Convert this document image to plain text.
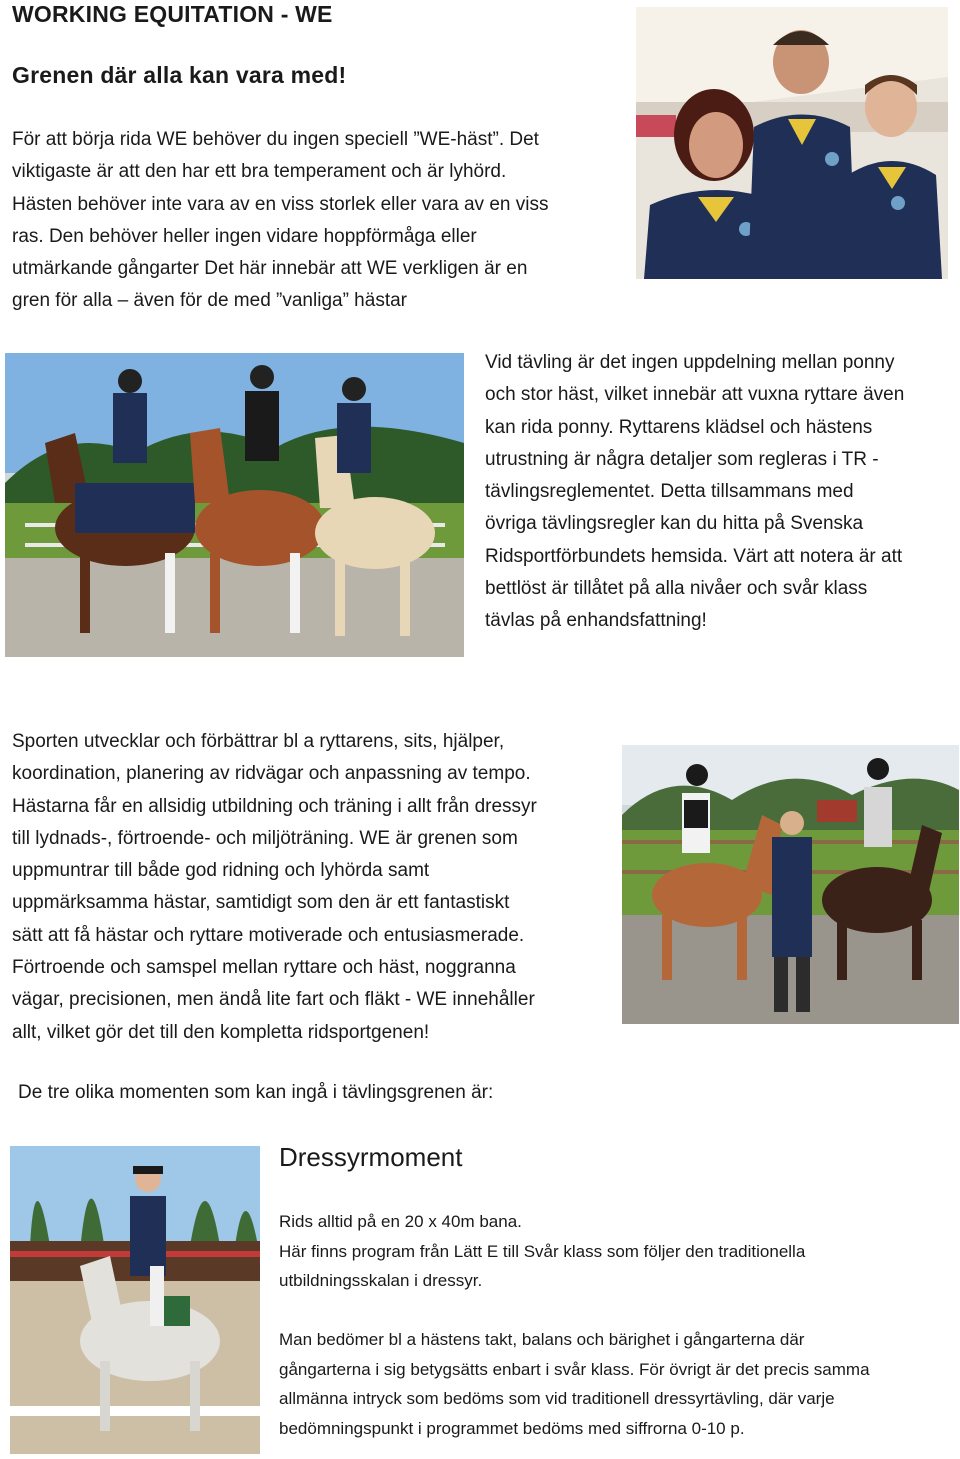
WORKING EQUITATION - WE
Grenen där alla kan vara med!
För att börja rida WE behöver du ingen speciell ”WE-häst”. Det
viktigaste är att den har ett bra temperament och är lyhörd.
Hästen behöver inte vara av en viss storlek eller vara av en viss
ras. Den behöver heller ingen vidare hoppförmåga eller
utmärkande gångarter Det här innebär att WE verkligen är en
gren för alla – även för de med ”vanliga” hästar
Vid tävling är det ingen uppdelning mellan ponny
och stor häst, vilket innebär att vuxna ryttare även
kan rida ponny. Ryttarens klädsel och hästens
utrustning är några detaljer som regleras i TR -
tävlingsreglementet. Detta tillsammans med
övriga tävlingsregler kan du hitta på Svenska
Ridsportförbundets hemsida. Värt att notera är att
bettlöst är tillåtet på alla nivåer och svår klass
tävlas på enhandsfattning!
Sporten utvecklar och förbättrar bl a ryttarens, sits, hjälper,
koordination, planering av ridvägar och anpassning av tempo.
Hästarna får en allsidig utbildning och träning i allt från dressyr
till lydnads-, förtroende- och miljöträning. WE är grenen som
uppmuntrar till både god ridning och lyhörda samt
uppmärksamma hästar, samtidigt som den är ett fantastiskt
sätt att få hästar och ryttare motiverade och entusiasmerade.
Förtroende och samspel mellan ryttare och häst, noggranna
vägar, precisionen, men ändå lite fart och fläkt - WE innehåller
allt, vilket gör det till den kompletta ridsportgenen!
De tre olika momenten som kan ingå i tävlingsgrenen är:
Dressyrmoment
Rids alltid på en 20 x 40m bana.
Här finns program från Lätt E till Svår klass som följer den traditionella
utbildningsskalan i dressyr.
Man bedömer bl a hästens takt, balans och bärighet i gångarterna där
gångarterna i sig betygsätts enbart i svår klass. För övrigt är det precis samma
allmänna intryck som bedöms som vid traditionell dressyrtävling, där varje
bedömningspunkt i programmet bedöms med siffrorna 0-10 p.
